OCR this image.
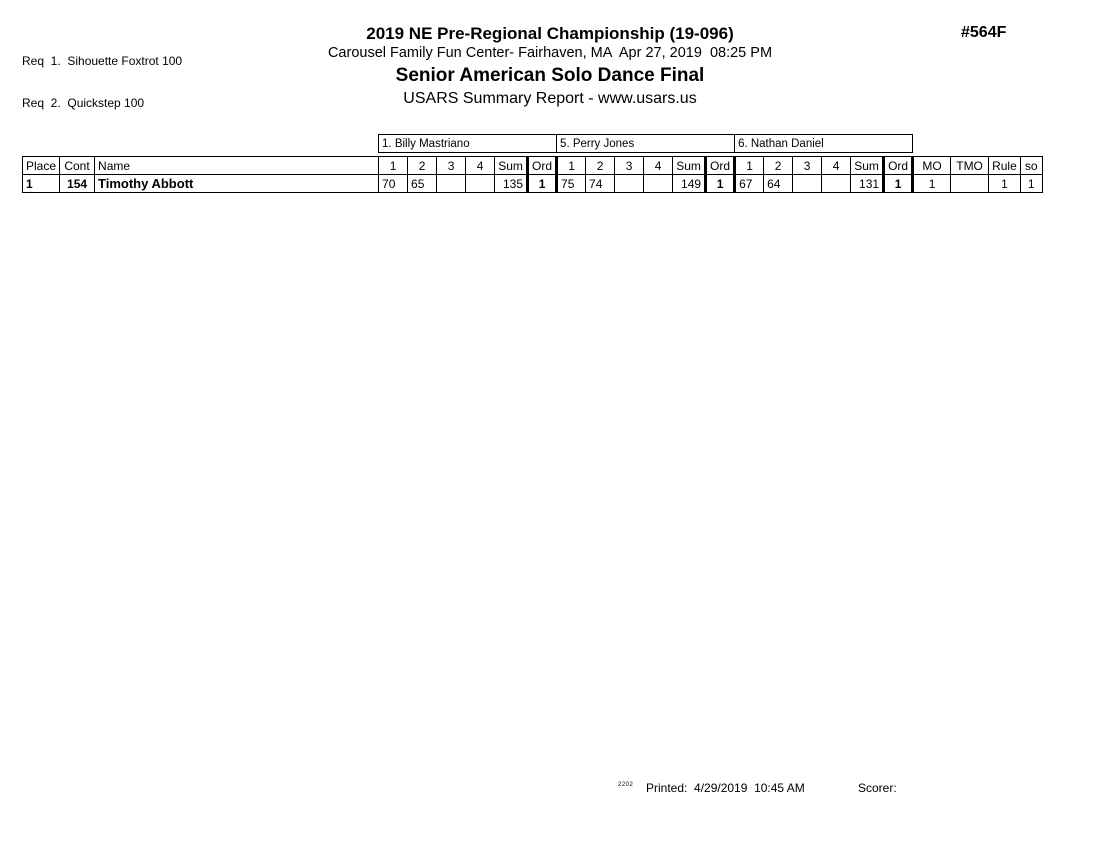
Req  1.  Sihouette Foxtrot 100

Req  2.  Quickstep 100

2019 NE Pre-Regional Championship (19-096)
Carousel Family Fun Center- Fairhaven, MA  Apr 27, 2019  08:25 PM
Senior American Solo Dance Final
USARS Summary Report - www.usars.us
#564F
			1. Billy Mastriano						5. Perry Jones						6. Nathan Daniel									

Place	Cont	Name	1	2	3	4	Sum	Ord	1	2	3	4	Sum	Ord	1	2	3	4	Sum	Ord	MO	TMO	Rule	so
1	154	Timothy Abbott	70	65			135	1	75	74			149	1	67	64			131	1	1		1	1
2202 Printed:  4/29/2019  10:45 AM	Scorer:
